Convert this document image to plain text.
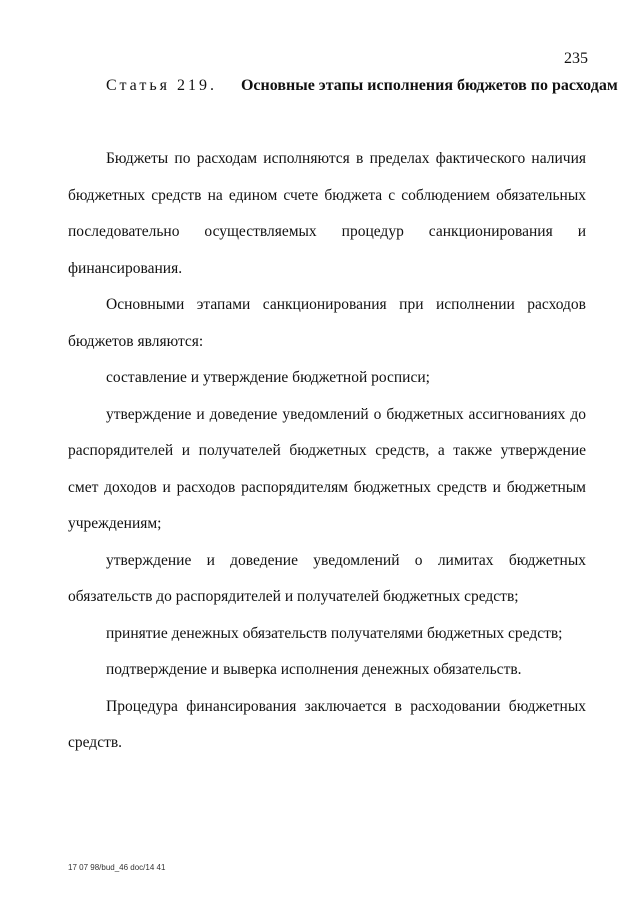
235
Статья 219. Основные этапы исполнения бюджетов по расходам

Бюджеты по расходам исполняются в пределах фактического наличия бюджетных средств на едином счете бюджета с соблюдением обязательных последовательно осуществляемых процедур санкционирования и финансирования.

Основными этапами санкционирования при исполнении расходов бюджетов являются:

составление и утверждение бюджетной росписи;

утверждение и доведение уведомлений о бюджетных ассигнованиях до распорядителей и получателей бюджетных средств, а также утверждение смет доходов и расходов распорядителям бюджетных средств и бюджетным учреждениям;

утверждение и доведение уведомлений о лимитах бюджетных обязательств до распорядителей и получателей бюджетных средств;

принятие денежных обязательств получателями бюджетных средств;

подтверждение и выверка исполнения денежных обязательств.

Процедура финансирования заключается в расходовании бюджетных средств.

17 07 98/bud_46 doc/14 41
